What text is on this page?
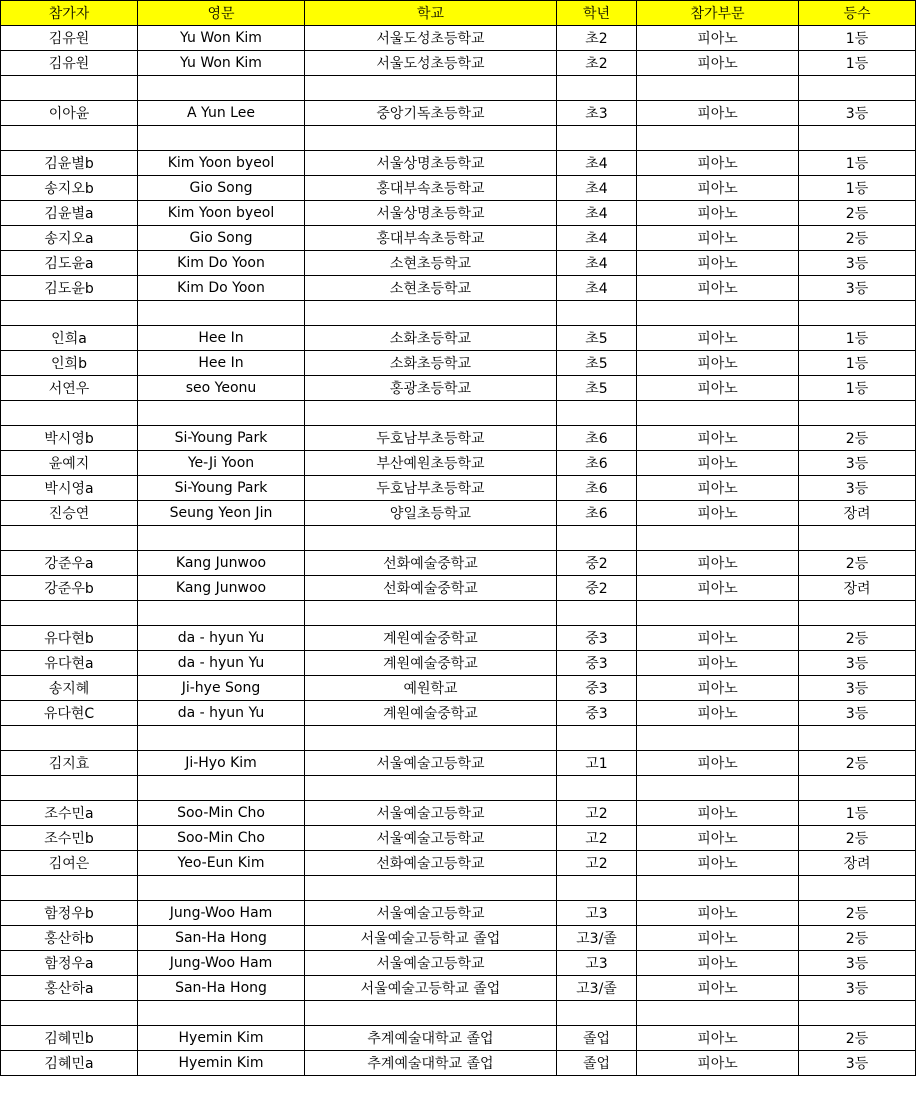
참가자	영문	학교	학년	참가부문	등수
김유원	Yu Won Kim	서울도성초등학교	초2	피아노	1등
김유원	Yu Won Kim	서울도성초등학교	초2	피아노	1등

이아윤	A Yun Lee	중앙기독초등학교	초3	피아노	3등

김윤별b	Kim Yoon byeol	서울상명초등학교	초4	피아노	1등
송지오b	Gio Song	홍대부속초등학교	초4	피아노	1등
김윤별a	Kim Yoon byeol	서울상명초등학교	초4	피아노	2등
송지오a	Gio Song	홍대부속초등학교	초4	피아노	2등
김도윤a	Kim Do Yoon	소현초등학교	초4	피아노	3등
김도윤b	Kim Do Yoon	소현초등학교	초4	피아노	3등

인희a	Hee In	소화초등학교	초5	피아노	1등
인희b	Hee In	소화초등학교	초5	피아노	1등
서연우	seo Yeonu	홍광초등학교	초5	피아노	1등

박시영b	Si-Young Park	두호남부초등학교	초6	피아노	2등
윤예지	Ye-Ji Yoon	부산예원초등학교	초6	피아노	3등
박시영a	Si-Young Park	두호남부초등학교	초6	피아노	3등
진승연	Seung Yeon Jin	양일초등학교	초6	피아노	장려

강준우a	Kang Junwoo	선화예술중학교	중2	피아노	2등
강준우b	Kang Junwoo	선화예술중학교	중2	피아노	장려

유다현b	da - hyun Yu	계원예술중학교	중3	피아노	2등
유다현a	da - hyun Yu	계원예술중학교	중3	피아노	3등
송지혜	Ji-hye Song	예원학교	중3	피아노	3등
유다현C	da - hyun Yu	계원예술중학교	중3	피아노	3등

김지효	Ji-Hyo Kim	서울예술고등학교	고1	피아노	2등

조수민a	Soo-Min Cho	서울예술고등학교	고2	피아노	1등
조수민b	Soo-Min Cho	서울예술고등학교	고2	피아노	2등
김여은	Yeo-Eun Kim	선화예술고등학교	고2	피아노	장려

함정우b	Jung-Woo Ham	서울예술고등학교	고3	피아노	2등
홍산하b	San-Ha Hong	서울예술고등학교 졸업	고3/졸	피아노	2등
함정우a	Jung-Woo Ham	서울예술고등학교	고3	피아노	3등
홍산하a	San-Ha Hong	서울예술고등학교 졸업	고3/졸	피아노	3등

김혜민b	Hyemin Kim	추계예술대학교 졸업	졸업	피아노	2등
김혜민a	Hyemin Kim	추계예술대학교 졸업	졸업	피아노	3등
